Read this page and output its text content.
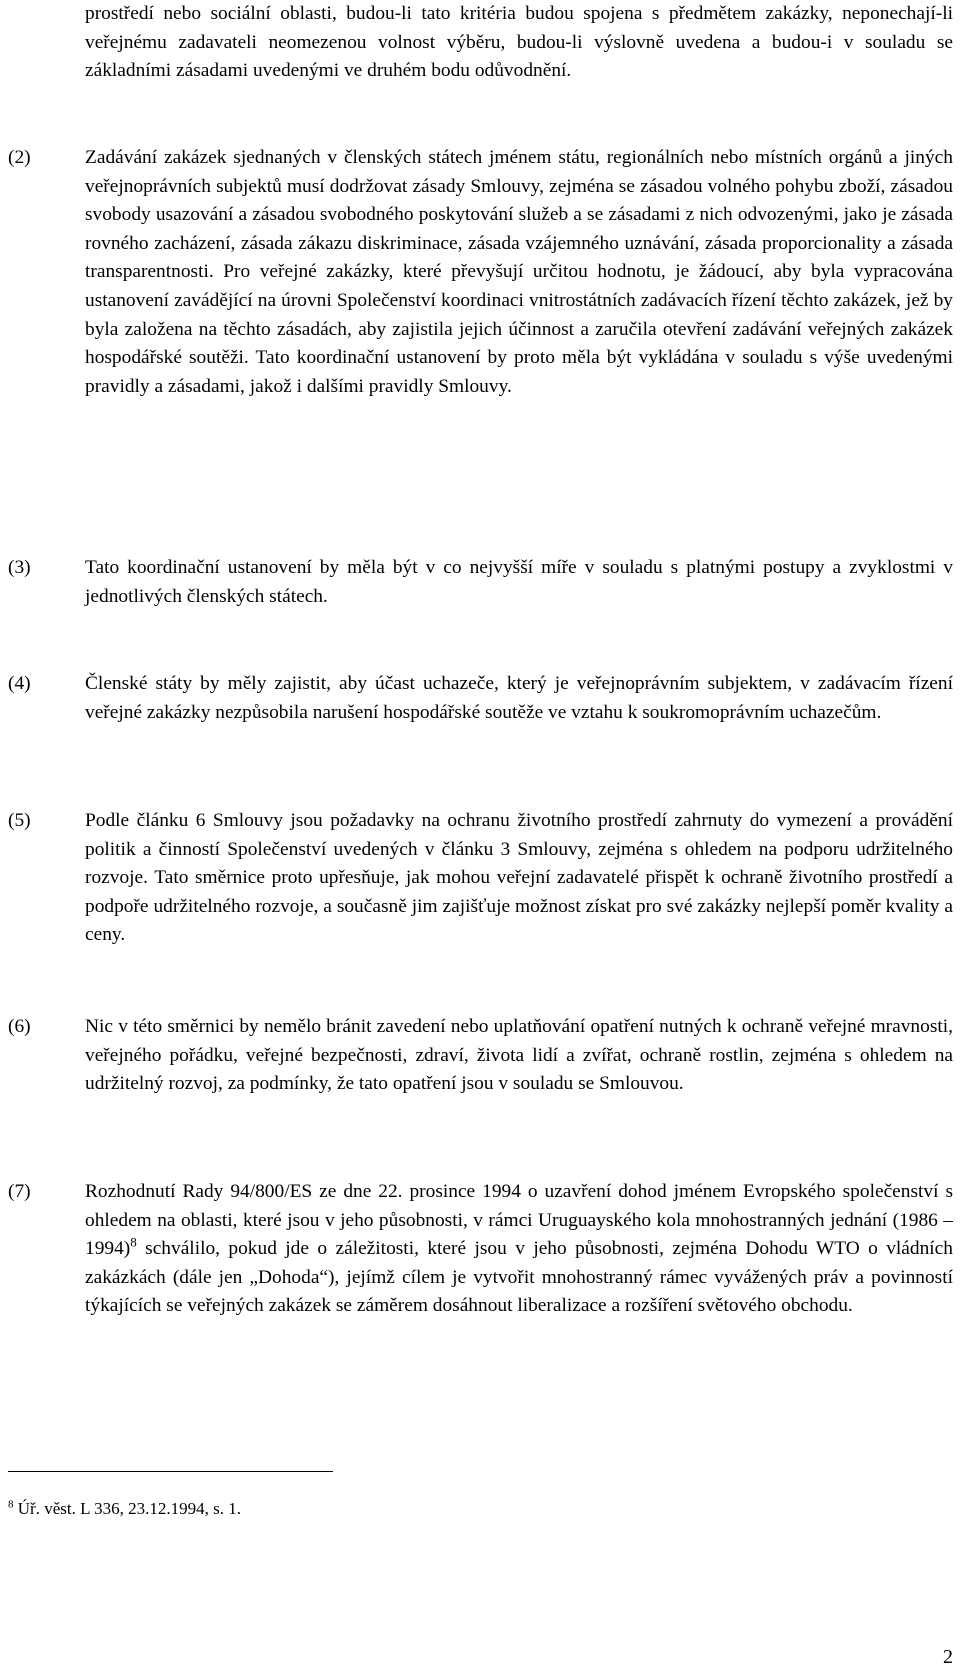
prostředí nebo sociální oblasti, budou-li tato kritéria budou spojena s předmětem zakázky, neponechají-li veřejnému zadavateli neomezenou volnost výběru, budou-li výslovně uvedena a budou-i v souladu se základními zásadami uvedenými ve druhém bodu odůvodnění.
(2)	Zadávání zakázek sjednaných v členských státech jménem státu, regionálních nebo místních orgánů a jiných veřejnoprávních subjektů musí dodržovat zásady Smlouvy, zejména se zásadou volného pohybu zboží, zásadou svobody usazování a zásadou svobodného poskytování služeb a se zásadami z nich odvozenými, jako je zásada rovného zacházení, zásada zákazu diskriminace, zásada vzájemného uznávání, zásada proporcionality a zásada transparentnosti. Pro veřejné zakázky, které převyšují určitou hodnotu, je žádoucí, aby byla vypracována ustanovení zavádějící na úrovni Společenství koordinaci vnitrostátních zadávacích řízení těchto zakázek, jež by byla založena na těchto zásadách, aby zajistila jejich účinnost a zaručila otevření zadávání veřejných zakázek hospodářské soutěži. Tato koordinační ustanovení by proto měla být vykládána v souladu s výše uvedenými pravidly a zásadami, jakož i dalšími pravidly Smlouvy.
(3)	Tato koordinační ustanovení by měla být v co nejvyšší míře v souladu s platnými postupy a zvyklostmi v jednotlivých členských státech.
(4)	Členské státy by měly zajistit, aby účast uchazeče, který je veřejnoprávním subjektem, v zadávacím řízení veřejné zakázky nezpůsobila narušení hospodářské soutěže ve vztahu k soukromoprávním uchazečům.
(5)	Podle článku 6 Smlouvy jsou požadavky na ochranu životního prostředí zahrnuty do vymezení a provádění politik a činností Společenství uvedených v článku 3 Smlouvy, zejména s ohledem na podporu udržitelného rozvoje. Tato směrnice proto upřesňuje, jak mohou veřejní zadavatelé přispět k ochraně životního prostředí a podpoře udržitelného rozvoje, a současně jim zajišťuje možnost získat pro své zakázky nejlepší poměr kvality a ceny.
(6)	Nic v této směrnici by nemělo bránit zavedení nebo uplatňování opatření nutných k ochraně veřejné mravnosti, veřejného pořádku, veřejné bezpečnosti, zdraví, života lidí a zvířat, ochraně rostlin, zejména s ohledem na udržitelný rozvoj, za podmínky, že tato opatření jsou v souladu se Smlouvou.
(7)	Rozhodnutí Rady 94/800/ES ze dne 22. prosince 1994 o uzavření dohod jménem Evropského společenství s ohledem na oblasti, které jsou v jeho působnosti, v rámci Uruguayského kola mnohostranných jednání (1986 – 1994)$^8$ schválilo, pokud jde o záležitosti, které jsou v jeho působnosti, zejména Dohodu WTO o vládních zakázkách (dále jen „Dohoda“), jejímž cílem je vytvořit mnohostranný rámec vyvážených práv a povinností týkajících se veřejných zakázek se záměrem dosáhnout liberalizace a rozšíření světového obchodu.
$^8$ Úř. věst. L 336, 23.12.1994, s. 1.
2
